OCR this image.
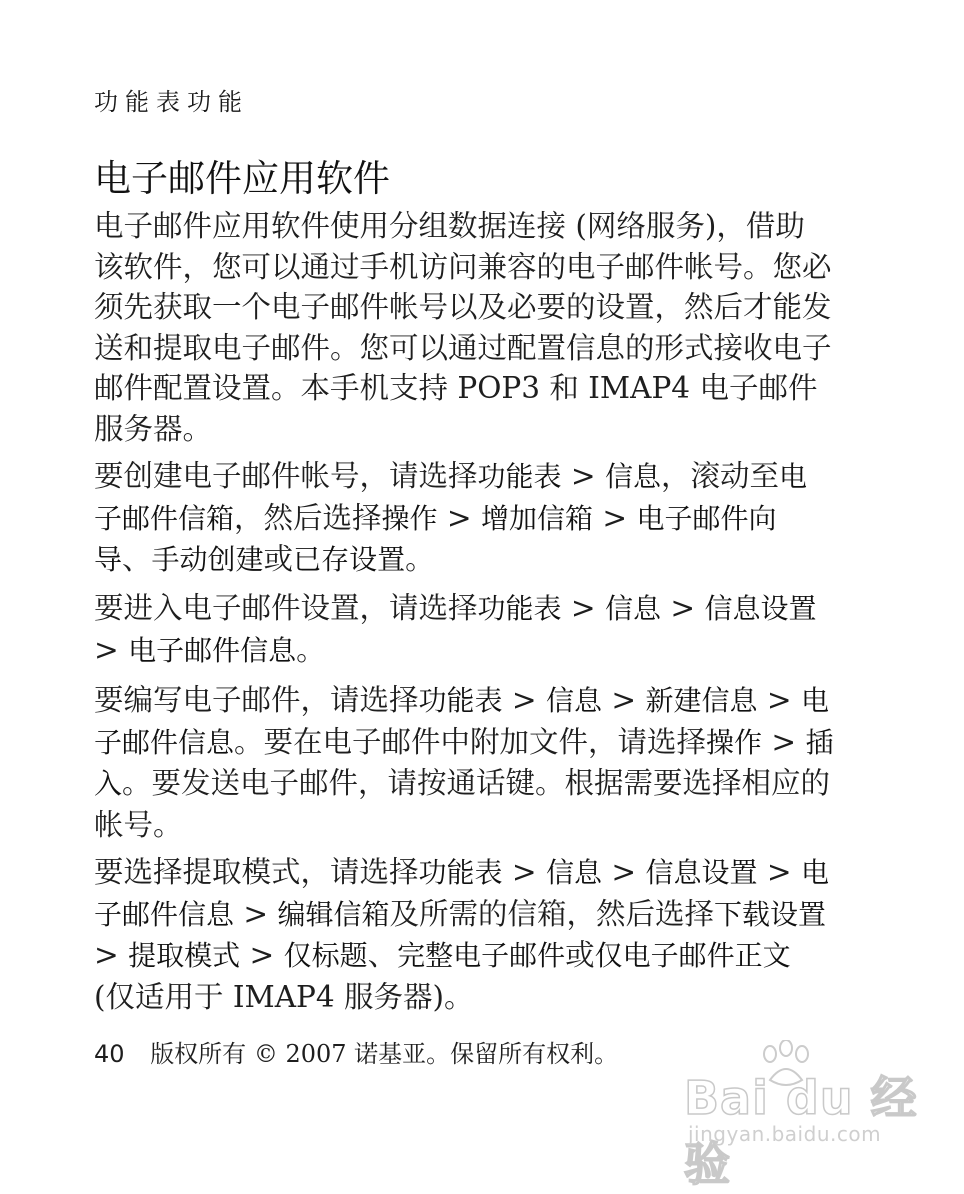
功能表功能
电子邮件应用软件

电子邮件应用软件使用分组数据连接 (网络服务)，借助该软件，您可以通过手机访问兼容的电子邮件帐号。您必须先获取一个电子邮件帐号以及必要的设置，然后才能发送和提取电子邮件。您可以通过配置信息的形式接收电子邮件配置设置。本手机支持 POP3 和 IMAP4 电子邮件服务器。

要创建电子邮件帐号，请选择功能表 > 信息，滚动至电子邮件信箱，然后选择操作 > 增加信箱 > 电子邮件向导、手动创建或已存设置。

要进入电子邮件设置，请选择功能表 > 信息 > 信息设置 > 电子邮件信息。

要编写电子邮件，请选择功能表 > 信息 > 新建信息 > 电子邮件信息。要在电子邮件中附加文件，请选择操作 > 插入。要发送电子邮件，请按通话键。根据需要选择相应的帐号。

要选择提取模式，请选择功能表 > 信息 > 信息设置 > 电子邮件信息 > 编辑信箱及所需的信箱，然后选择下载设置 > 提取模式 > 仅标题、完整电子邮件或仅电子邮件正文 (仅适用于 IMAP4 服务器)。

40 版权所有 © 2007 诺基亚。保留所有权利。
Bai du 经验
jingyan.baidu.com
